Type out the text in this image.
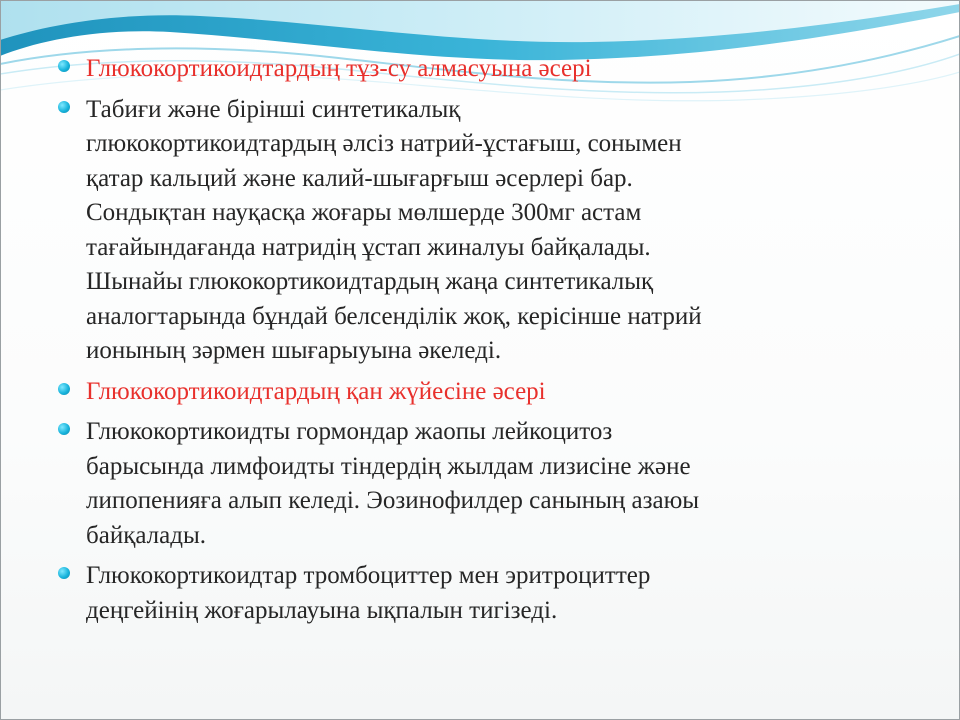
Глюкокортикоидтардың тұз-су алмасуына әсері
Табиғи және бірінші синтетикалық
глюкокортикоидтардың әлсіз натрий-ұстағыш, сонымен
қатар кальций және калий-шығарғыш әсерлері бар.
Сондықтан науқасқа жоғары мөлшерде 300мг астам
тағайындағанда натридің ұстап жиналуы байқалады.
Шынайы глюкокортикоидтардың жаңа синтетикалық
аналогтарында бұндай белсенділік жоқ, керісінше натрий
ионының зәрмен шығарыуына әкеледі.
Глюкокортикоидтардың қан жүйесіне әсері
Глюкокортикоидты гормондар жаопы лейкоцитоз
барысында лимфоидты тіндердің жылдам лизисіне және
липопенияға алып келеді. Эозинофилдер санының азаюы
байқалады.
Глюкокортикоидтар тромбоциттер мен эритроциттер
деңгейінің жоғарылауына ықпалын тигізеді.
